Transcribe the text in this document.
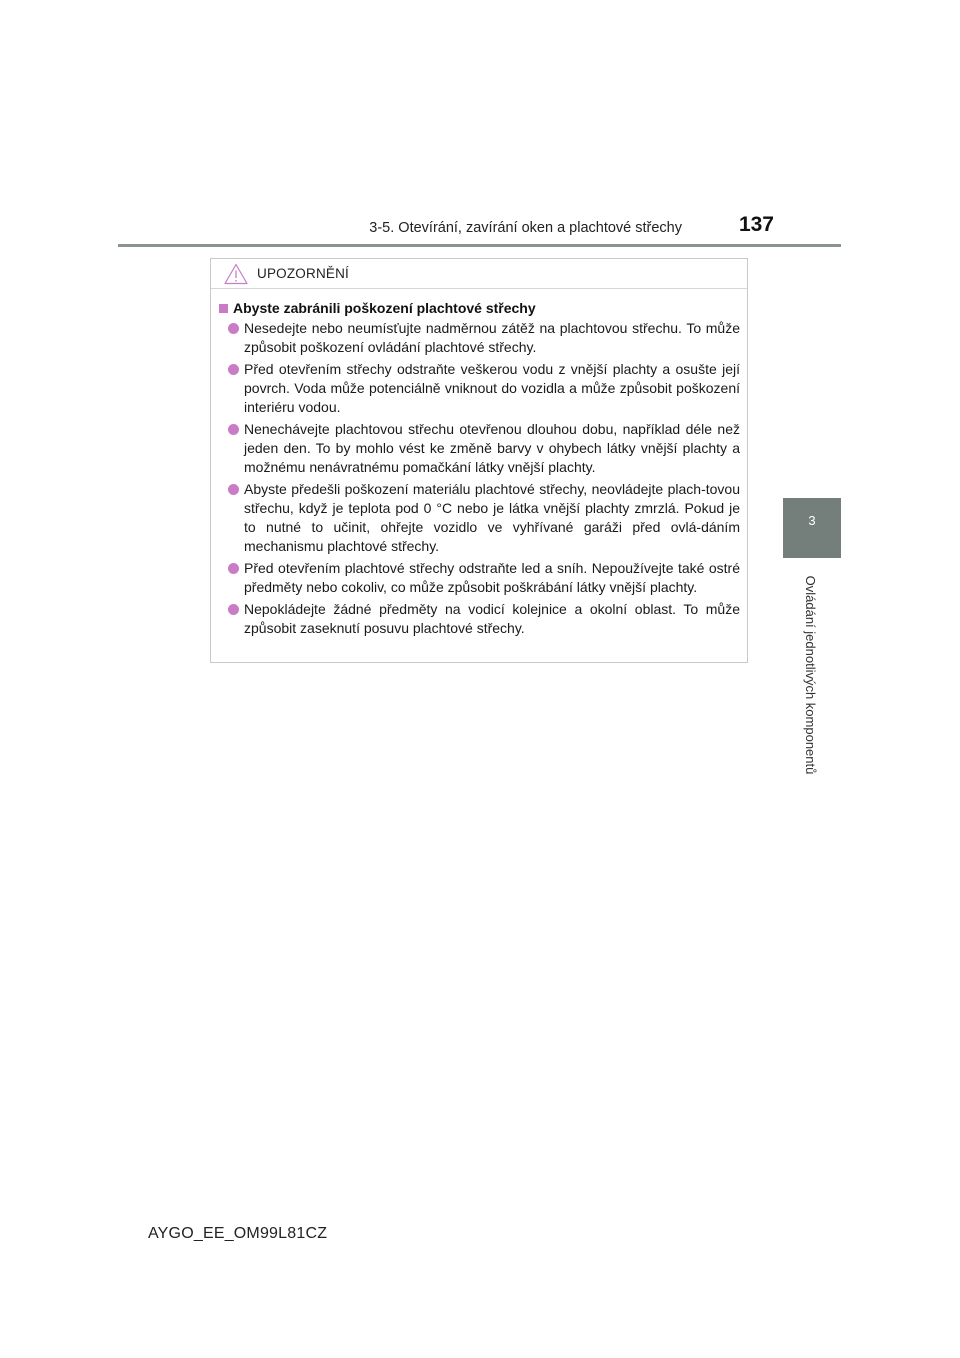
3-5. Otevírání, zavírání oken a plachtové střechy	137
3
Ovládání jednotlivých komponentů
UPOZORNĚNÍ
Abyste zabránili poškození plachtové střechy
Nesedejte nebo neumísťujte nadměrnou zátěž na plachtovou střechu. To může způsobit poškození ovládání plachtové střechy.
Před otevřením střechy odstraňte veškerou vodu z vnější plachty a osušte její povrch. Voda může potenciálně vniknout do vozidla a může způsobit poškození interiéru vodou.
Nenechávejte plachtovou střechu otevřenou dlouhou dobu, například déle než jeden den. To by mohlo vést ke změně barvy v ohybech látky vnější plachty a možnému nenávratnému pomačkání látky vnější plachty.
Abyste předešli poškození materiálu plachtové střechy, neovládejte plach-tovou střechu, když je teplota pod 0 °C nebo je látka vnější plachty zmrzlá. Pokud je to nutné to učinit, ohřejte vozidlo ve vyhřívané garáži před ovlá-dáním mechanismu plachtové střechy.
Před otevřením plachtové střechy odstraňte led a sníh. Nepoužívejte také ostré předměty nebo cokoliv, co může způsobit poškrábání látky vnější plachty.
Nepokládejte žádné předměty na vodicí kolejnice a okolní oblast. To může způsobit zaseknutí posuvu plachtové střechy.
AYGO_EE_OM99L81CZ
